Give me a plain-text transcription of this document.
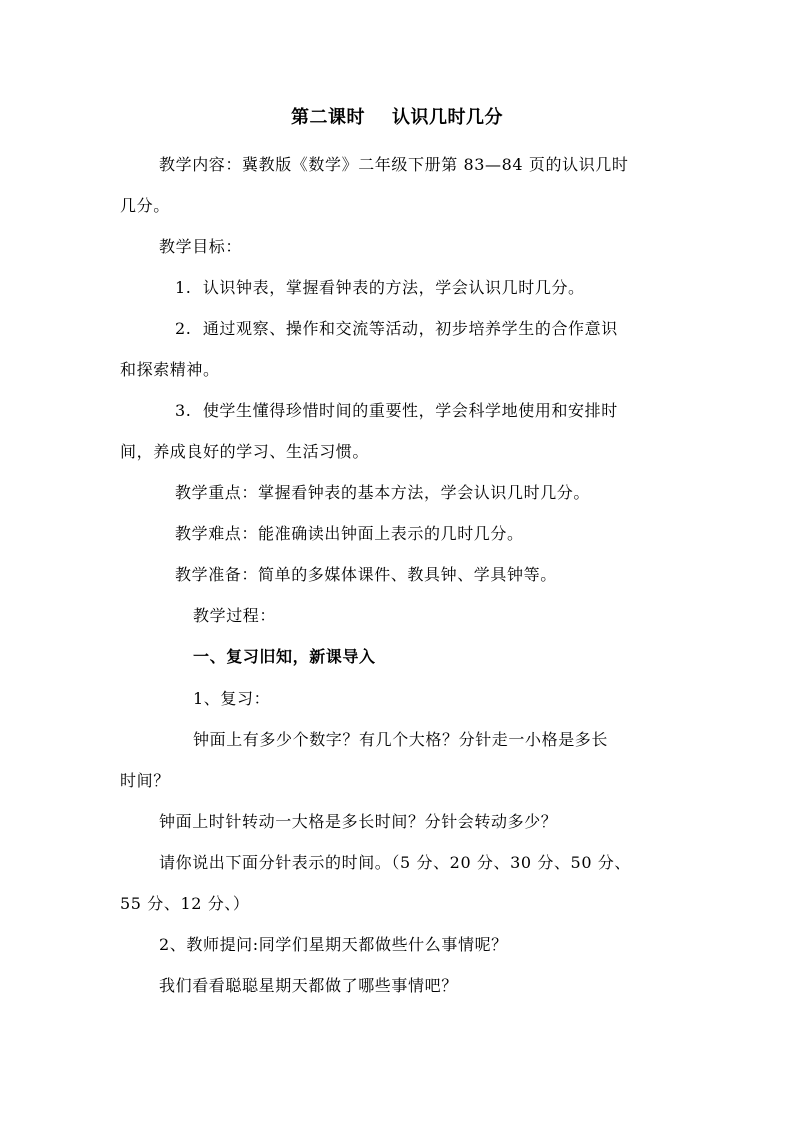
第二课时    认识几时几分
教学内容：冀教版《数学》二年级下册第 83—84 页的认识几时
几分。
教学目标：
1.  认识钟表，掌握看钟表的方法，学会认识几时几分。
2.  通过观察、操作和交流等活动，初步培养学生的合作意识
和探索精神。
3.  使学生懂得珍惜时间的重要性，学会科学地使用和安排时
间，养成良好的学习、生活习惯。
教学重点：掌握看钟表的基本方法，学会认识几时几分。
教学难点：能准确读出钟面上表示的几时几分。
教学准备：简单的多媒体课件、教具钟、学具钟等。
教学过程：
一、复习旧知，新课导入
1、复习：
钟面上有多少个数字？有几个大格？分针走一小格是多长
时间？
钟面上时针转动一大格是多长时间？分针会转动多少？
请你说出下面分针表示的时间。（5 分、20 分、30 分、50 分、
55 分、12 分、）
2、教师提问:同学们星期天都做些什么事情呢？
我们看看聪聪星期天都做了哪些事情吧？
